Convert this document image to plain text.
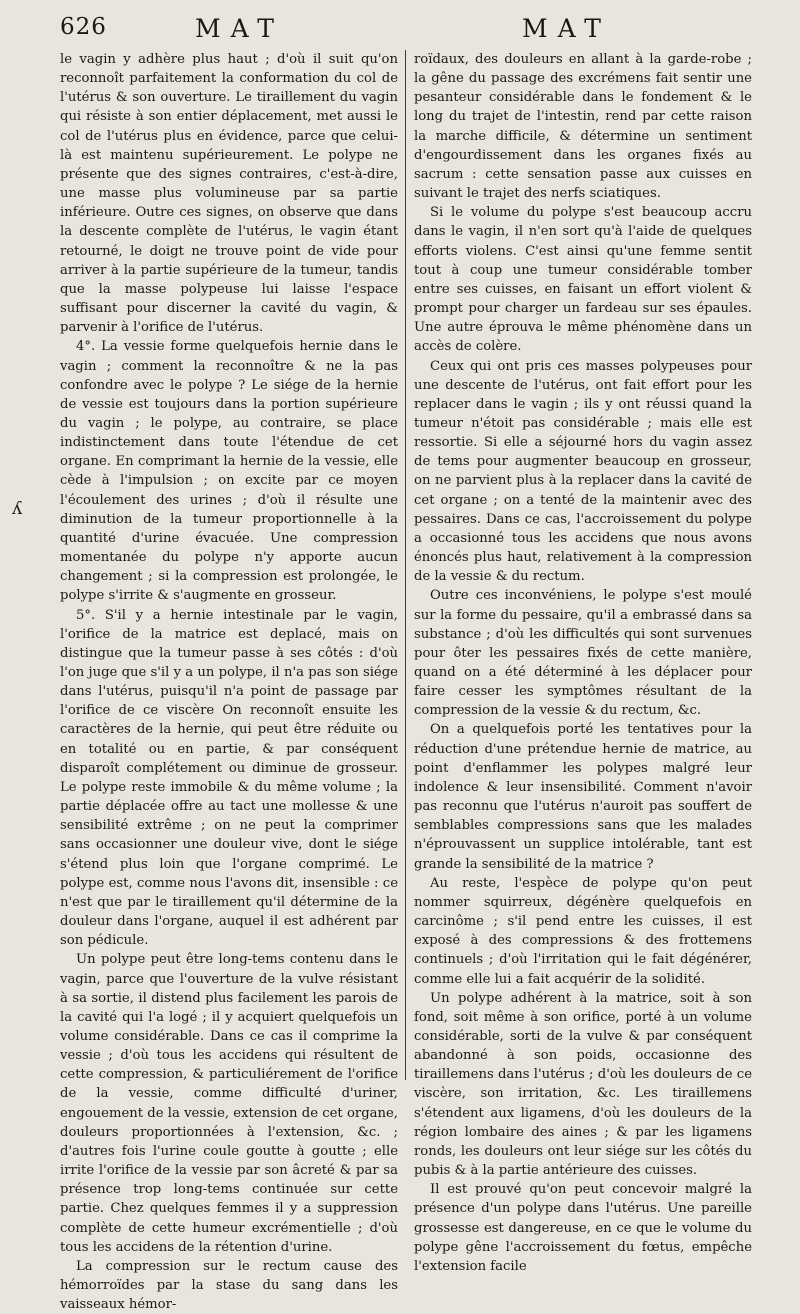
626	MAT	MAT
ʎ

le vagin y adhère plus haut ; d'où il suit qu'on reconnoît parfaitement la conformation du col de l'utérus & son ouverture. Le tiraillement du vagin qui résiste à son entier déplacement, met aussi le col de l'utérus plus en évidence, parce que celui-là est maintenu supérieurement. Le polype ne présente que des signes contraires, c'est-à-dire, une masse plus volumineuse par sa partie inférieure. Outre ces signes, on observe que dans la descente complète de l'utérus, le vagin étant retourné, le doigt ne trouve point de vide pour arriver à la partie supérieure de la tumeur, tandis que la masse polypeuse lui laisse l'espace suffisant pour discerner la cavité du vagin, & parvenir à l'orifice de l'utérus.

4°. La vessie forme quelquefois hernie dans le vagin ; comment la reconnoître & ne la pas confondre avec le polype ? Le siége de la hernie de vessie est toujours dans la portion supérieure du vagin ; le polype, au contraire, se place indistinctement dans toute l'étendue de cet organe. En comprimant la hernie de la vessie, elle cède à l'impulsion ; on excite par ce moyen l'écoulement des urines ; d'où il résulte une diminution de la tumeur proportionnelle à la quantité d'urine évacuée. Une compression momentanée du polype n'y apporte aucun changement ; si la compression est prolongée, le polype s'irrite & s'augmente en grosseur.

5°. S'il y a hernie intestinale par le vagin, l'orifice de la matrice est deplacé, mais on distingue que la tumeur passe à ses côtés : d'où l'on juge que s'il y a un polype, il n'a pas son siége dans l'utérus, puisqu'il n'a point de passage par l'orifice de ce viscère On reconnoît ensuite les caractères de la hernie, qui peut être réduite ou en totalité ou en partie, & par conséquent disparoît complétement ou diminue de grosseur. Le polype reste immobile & du même volume ; la partie déplacée offre au tact une mollesse & une sensibilité extrême ; on ne peut la comprimer sans occasionner une douleur vive, dont le siége s'étend plus loin que l'organe comprimé. Le polype est, comme nous l'avons dit, insensible : ce n'est que par le tiraillement qu'il détermine de la douleur dans l'organe, auquel il est adhérent par son pédicule.

Un polype peut être long-tems contenu dans le vagin, parce que l'ouverture de la vulve résistant à sa sortie, il distend plus facilement les parois de la cavité qui l'a logé ; il y acquiert quelquefois un volume considérable. Dans ce cas il comprime la vessie ; d'où tous les accidens qui résultent de cette compression, & particuliérement de l'orifice de la vessie, comme difficulté d'uriner, engouement de la vessie, extension de cet organe, douleurs proportionnées à l'extension, &c. ; d'autres fois l'urine coule goutte à goutte ; elle irrite l'orifice de la vessie par son âcreté & par sa présence trop long-tems continuée sur cette partie. Chez quelques femmes il y a suppression complète de cette humeur excrémentielle ; d'où tous les accidens de la rétention d'urine.

La compression sur le rectum cause des hémorroïdes par la stase du sang dans les vaisseaux hémor-

roïdaux, des douleurs en allant à la garde-robe ; la gêne du passage des excrémens fait sentir une pesanteur considérable dans le fondement & le long du trajet de l'intestin, rend par cette raison la marche difficile, & détermine un sentiment d'engourdissement dans les organes fixés au sacrum : cette sensation passe aux cuisses en suivant le trajet des nerfs sciatiques.

Si le volume du polype s'est beaucoup accru dans le vagin, il n'en sort qu'à l'aide de quelques efforts violens. C'est ainsi qu'une femme sentit tout à coup une tumeur considérable tomber entre ses cuisses, en faisant un effort violent & prompt pour charger un fardeau sur ses épaules. Une autre éprouva le même phénomène dans un accès de colère.

Ceux qui ont pris ces masses polypeuses pour une descente de l'utérus, ont fait effort pour les replacer dans le vagin ; ils y ont réussi quand la tumeur n'étoit pas considérable ; mais elle est ressortie. Si elle a séjourné hors du vagin assez de tems pour augmenter beaucoup en grosseur, on ne parvient plus à la replacer dans la cavité de cet organe ; on a tenté de la maintenir avec des pessaires. Dans ce cas, l'accroissement du polype a occasionné tous les accidens que nous avons énoncés plus haut, relativement à la compression de la vessie & du rectum.

Outre ces inconvéniens, le polype s'est moulé sur la forme du pessaire, qu'il a embrassé dans sa substance ; d'où les difficultés qui sont survenues pour ôter les pessaires fixés de cette manière, quand on a été déterminé à les déplacer pour faire cesser les symptômes résultant de la compression de la vessie & du rectum, &c.

On a quelquefois porté les tentatives pour la réduction d'une prétendue hernie de matrice, au point d'enflammer les polypes malgré leur indolence & leur insensibilité. Comment n'avoir pas reconnu que l'utérus n'auroit pas souffert de semblables compressions sans que les malades n'éprouvassent un supplice intolérable, tant est grande la sensibilité de la matrice ?

Au reste, l'espèce de polype qu'on peut nommer squirreux, dégénère quelquefois en carcinôme ; s'il pend entre les cuisses, il est exposé à des compressions & des frottemens continuels ; d'où l'irritation qui le fait dégénérer, comme elle lui a fait acquérir de la solidité.

Un polype adhérent à la matrice, soit à son fond, soit même à son orifice, porté à un volume considérable, sorti de la vulve & par conséquent abandonné à son poids, occasionne des tiraillemens dans l'utérus ; d'où les douleurs de ce viscère, son irritation, &c. Les tiraillemens s'étendent aux ligamens, d'où les douleurs de la région lombaire des aines ; & par les ligamens ronds, les douleurs ont leur siége sur les côtés du pubis & à la partie antérieure des cuisses.

Il est prouvé qu'on peut concevoir malgré la présence d'un polype dans l'utérus. Une pareille grossesse est dangereuse, en ce que le volume du polype gêne l'accroissement du fœtus, empêche l'extension facile
